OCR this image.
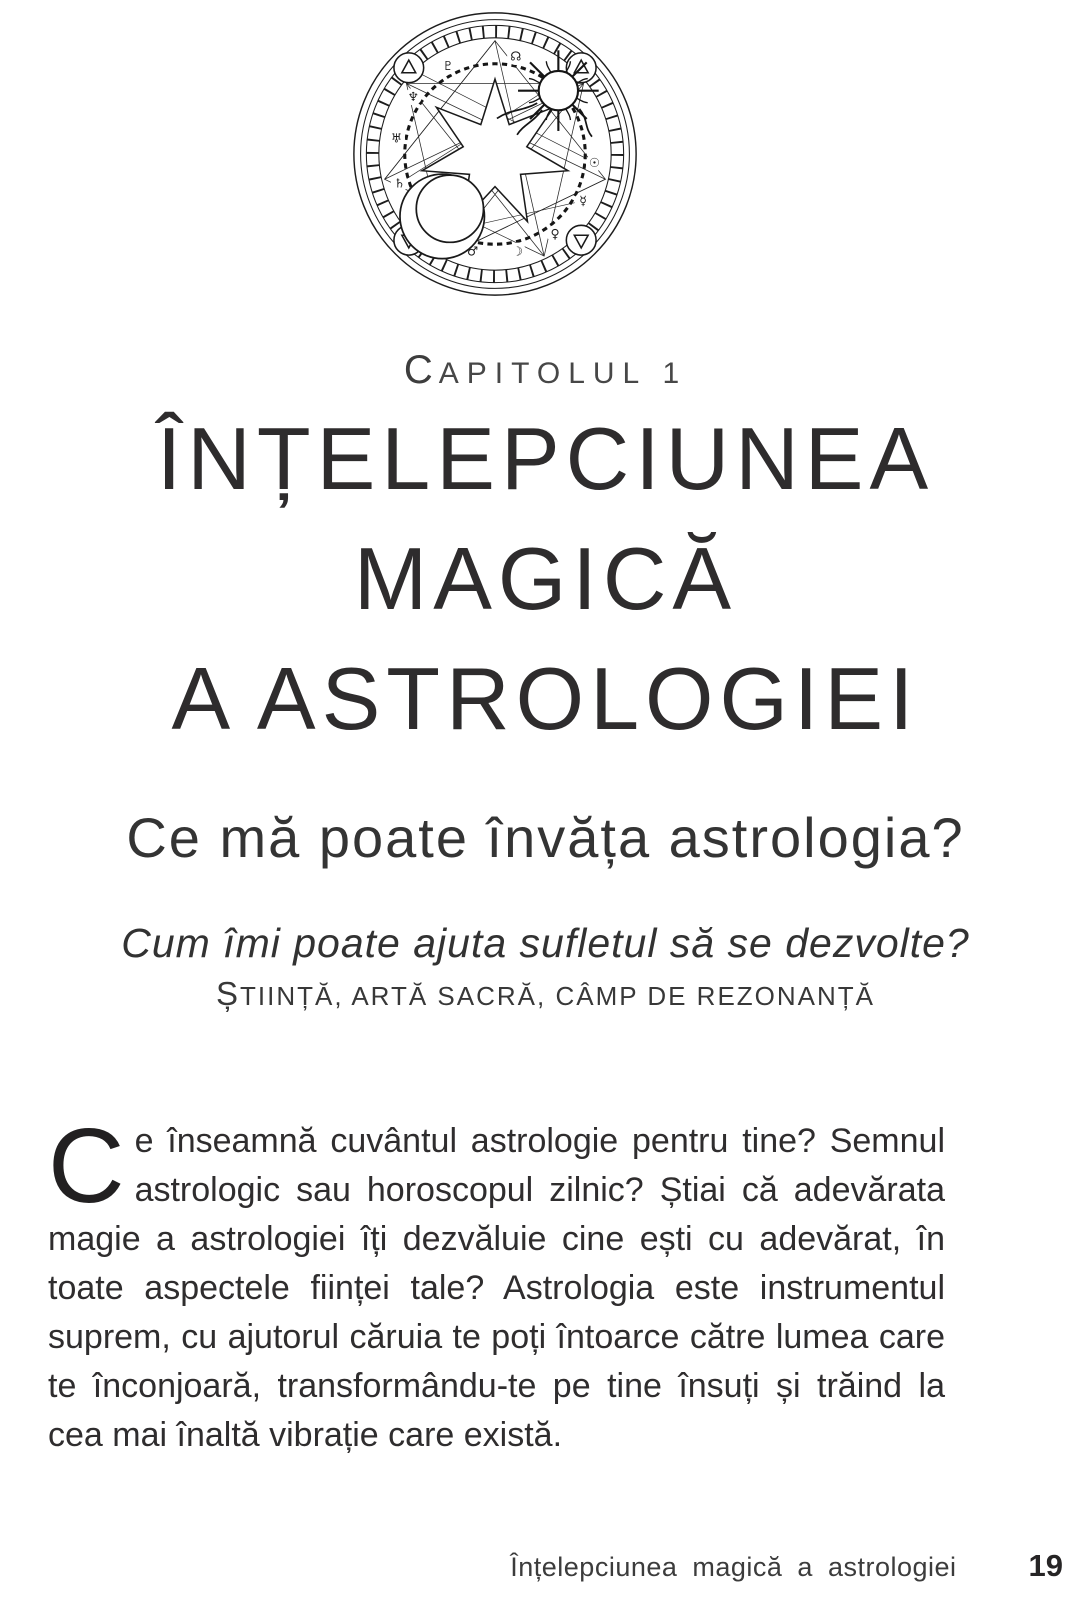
☊
☉
☿
♀
☽
♂
♄
♅
♆
♇
CAPITOLUL 1
ÎNȚELEPCIUNEA
MAGICĂ
A ASTROLOGIEI
Ce mă poate învăța astrologia?
Cum îmi poate ajuta sufletul să se dezvolte?
ȘTIINȚĂ, ARTĂ SACRĂ, CÂMP DE REZONANȚĂ

Ce înseamnă cuvântul astrologie pentru tine? Semnul astrologic sau horoscopul zilnic? Știai că adevărata magie a astrologiei îți dezvăluie cine ești cu adevărat, în toate aspectele ființei tale? Astrologia este instrumentul suprem, cu ajutorul căruia te poți întoarce către lumea care te înconjoară, transformându-te pe tine însuți și trăind la cea mai înaltă vibrație care există.

Înțelepciunea magică a astrologiei 19
